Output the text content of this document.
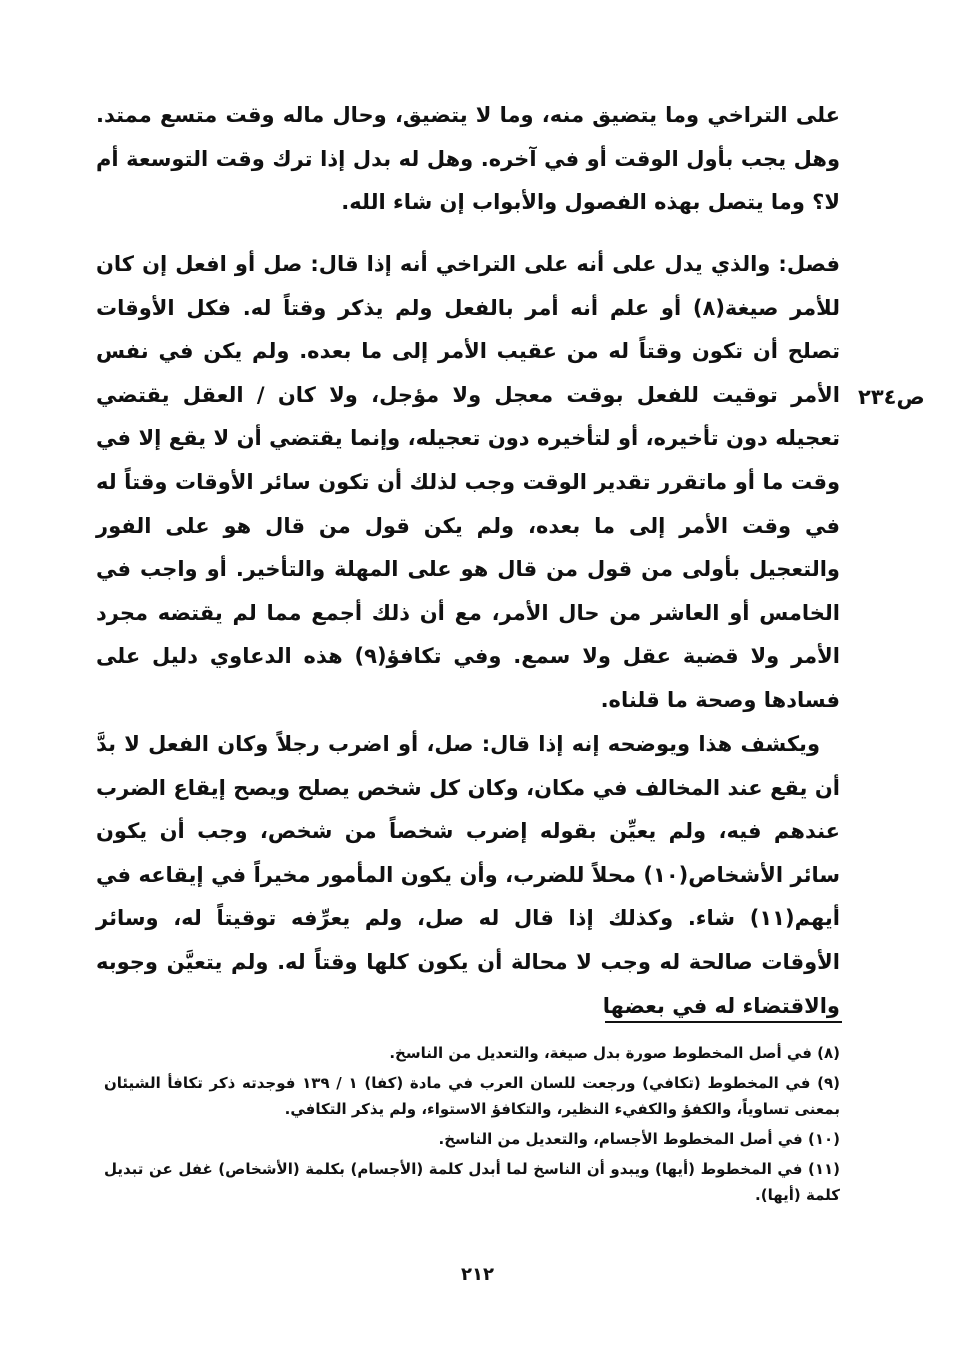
على التراخي وما يتضيق منه، وما لا يتضيق، وحال ماله وقت متسع ممتد. وهل يجب بأول الوقت أو في آخره. وهل له بدل إذا ترك وقت التوسعة أم لا؟ وما يتصل بهذه الفصول والأبواب إن شاء الله.

فصل: والذي يدل على أنه على التراخي أنه إذا قال: صل أو افعل إن كان للأمر صيغة(٨) أو علم أنه أمر بالفعل ولم يذكر وقتاً له. فكل الأوقات تصلح أن تكون وقتاً له من عقيب الأمر إلى ما بعده. ولم يكن في نفس الأمر توقيت للفعل بوقت معجل ولا مؤجل، ولا كان / العقل يقتضي تعجيله دون تأخيره، أو لتأخيره دون تعجيله، وإنما يقتضي أن لا يقع إلا في وقت ما أو ماتقرر تقدير الوقت وجب لذلك أن تكون سائر الأوقات وقتاً له في وقت الأمر إلى ما بعده، ولم يكن قول من قال هو على الفور والتعجيل بأولى من قول من قال هو على المهلة والتأخير. أو واجب في الخامس أو العاشر من حال الأمر، مع أن ذلك أجمع مما لم يقتضه مجرد الأمر ولا قضية عقل ولا سمع. وفي تكافؤ(٩) هذه الدعاوي دليل على فسادها وصحة ما قلناه.

ص٢٣٤

ويكشف هذا ويوضحه إنه إذا قال: صل، أو اضرب رجلاً وكان الفعل لا بدَّ أن يقع عند المخالف في مكان، وكان كل شخص يصلح ويصح إيقاع الضرب عندهم فيه، ولم يعيِّن بقوله إضرب شخصاً من شخص، وجب أن يكون سائر الأشخاص(١٠) محلاً للضرب، وأن يكون المأمور مخيراً في إيقاعه في أيهم(١١) شاء. وكذلك إذا قال له صل، ولم يعرِّفه توقيتاً له، وسائر الأوقات صالحة له وجب لا محالة أن يكون كلها وقتاً له. ولم يتعيَّن وجوبه والاقتضاء له في بعضها

(٨) في أصل المخطوط صورة بدل صيغة، والتعديل من الناسخ.

(٩) في المخطوط (تكافي) ورجعت للسان العرب في مادة (كفا) ١ / ١٣٩ فوجدته ذكر تكافأ الشيئان بمعنى تساوياً، والكفؤ والكفيء النظير، والتكافؤ الاستواء، ولم يذكر التكافي.

(١٠) في أصل المخطوط الأجسام، والتعديل من الناسخ.

(١١) في المخطوط (أيها) ويبدو أن الناسخ لما أبدل كلمة (الأجسام) بكلمة (الأشخاص) غفل عن تبديل كلمة (أيها).

٢١٢
